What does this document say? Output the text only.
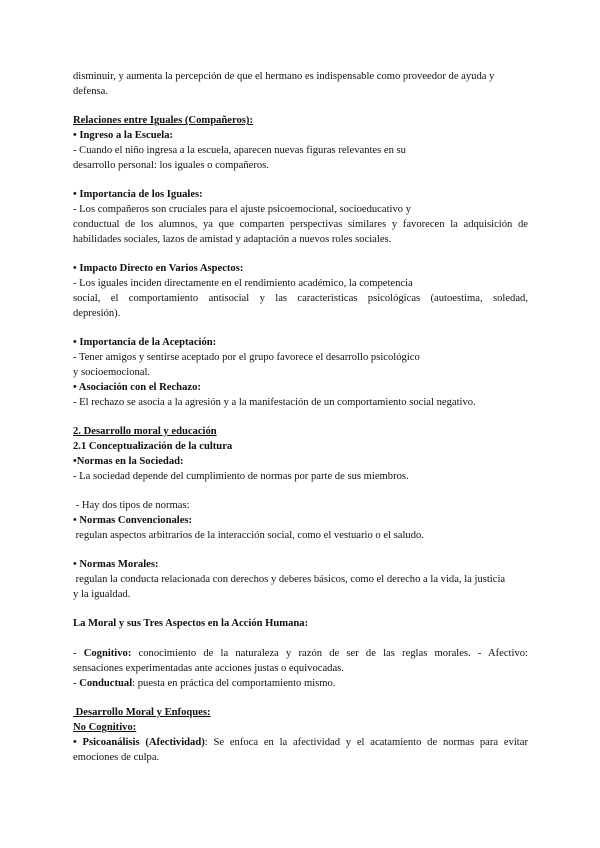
disminuir, y aumenta la percepción de que el hermano es indispensable como proveedor de ayuda y

defensa.

Relaciones entre Iguales (Compañeros):

• Ingreso a la Escuela:

- Cuando el niño ingresa a la escuela, aparecen nuevas figuras relevantes en su

desarrollo personal: los iguales o compañeros.

• Importancia de los Iguales:

- Los compañeros son cruciales para el ajuste psicoemocional, socioeducativo y

conductual de los alumnos, ya que comparten perspectivas similares y favorecen la adquisición de

habilidades sociales, lazos de amistad y adaptación a nuevos roles sociales.

• Impacto Directo en Varios Aspectos:

- Los iguales inciden directamente en el rendimiento académico, la competencia

social, el comportamiento antisocial y las características psicológicas (autoestima, soledad,

depresión).

• Importancia de la Aceptación:

- Tener amigos y sentirse aceptado por el grupo favorece el desarrollo psicológico

y socioemocional.

• Asociación con el Rechazo:

- El rechazo se asocia a la agresión y a la manifestación de un comportamiento social negativo.

2. Desarrollo moral y educación

2.1 Conceptualización de la cultura

•Normas en la Sociedad:

- La sociedad depende del cumplimiento de normas por parte de sus miembros.

- Hay dos tipos de normas:

• Normas Convencionales:

regulan aspectos arbitrarios de la interacción social, como el vestuario o el saludo.

• Normas Morales:

regulan la conducta relacionada con derechos y deberes básicos, como el derecho a la vida, la justicia

y la igualdad.

La Moral y sus Tres Aspectos en la Acción Humana:

- Cognitivo: conocimiento de la naturaleza y razón de ser de las reglas morales. - Afectivo:

sensaciones experimentadas ante acciones justas o equivocadas.

- Conductual: puesta en práctica del comportamiento mismo.

Desarrollo Moral y Enfoques:

No Cognitivo:

• Psicoanálisis (Afectividad): Se enfoca en la afectividad y el acatamiento de normas para evitar

emociones de culpa.
